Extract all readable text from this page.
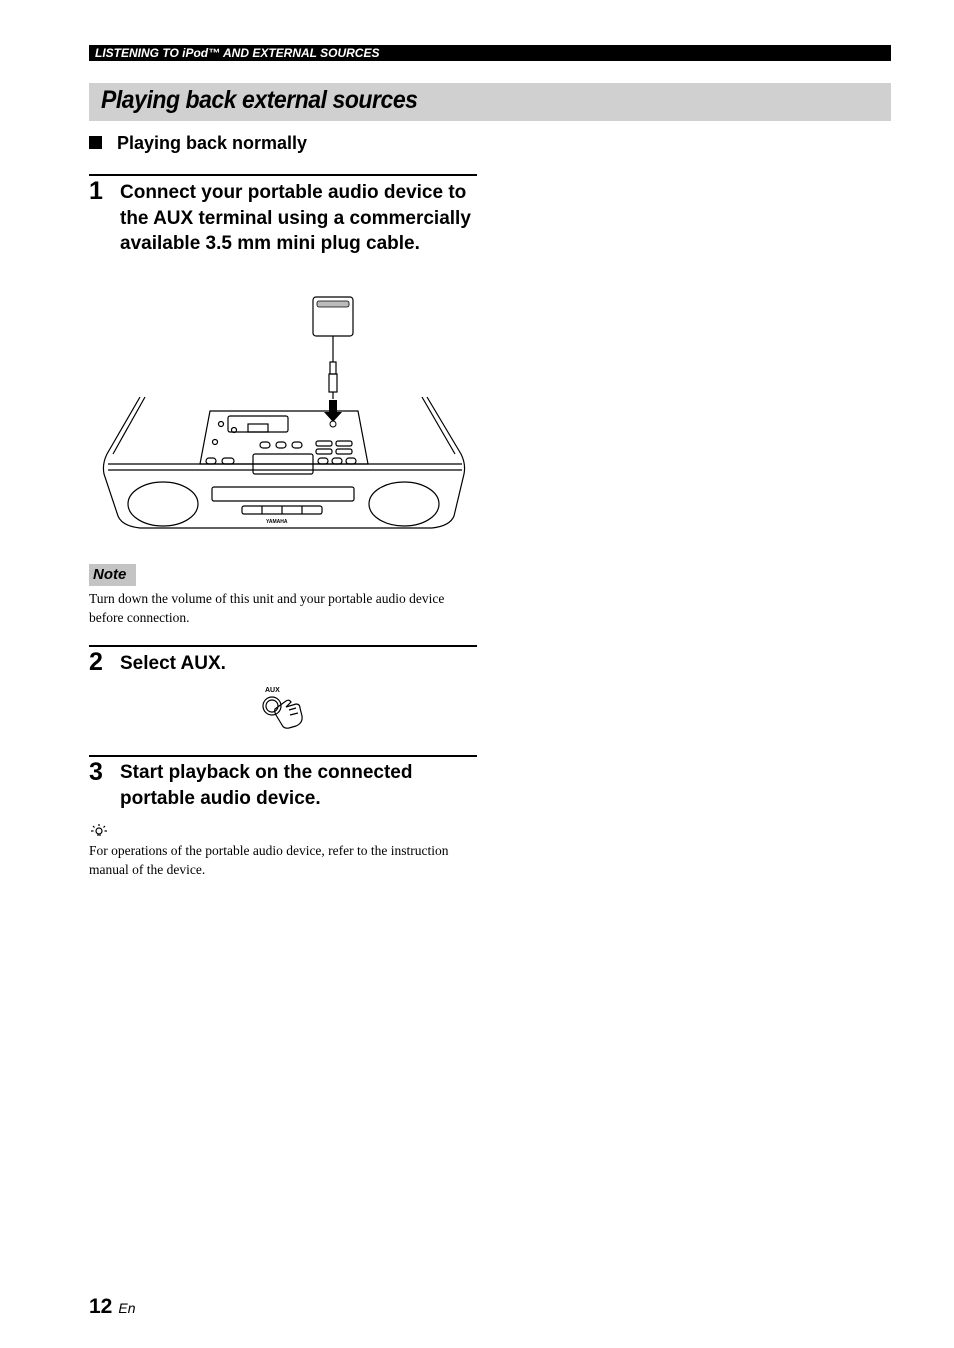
LISTENING TO iPod™ AND EXTERNAL SOURCES
Playing back external sources
Playing back normally
1 Connect your portable audio device to the AUX terminal using a commercially available 3.5 mm mini plug cable.
YAMAHA
Note
Turn down the volume of this unit and your portable audio device before connection.
2 Select AUX.
AUX
3 Start playback on the connected portable audio device.
For operations of the portable audio device, refer to the instruction manual of the device.
12 En
